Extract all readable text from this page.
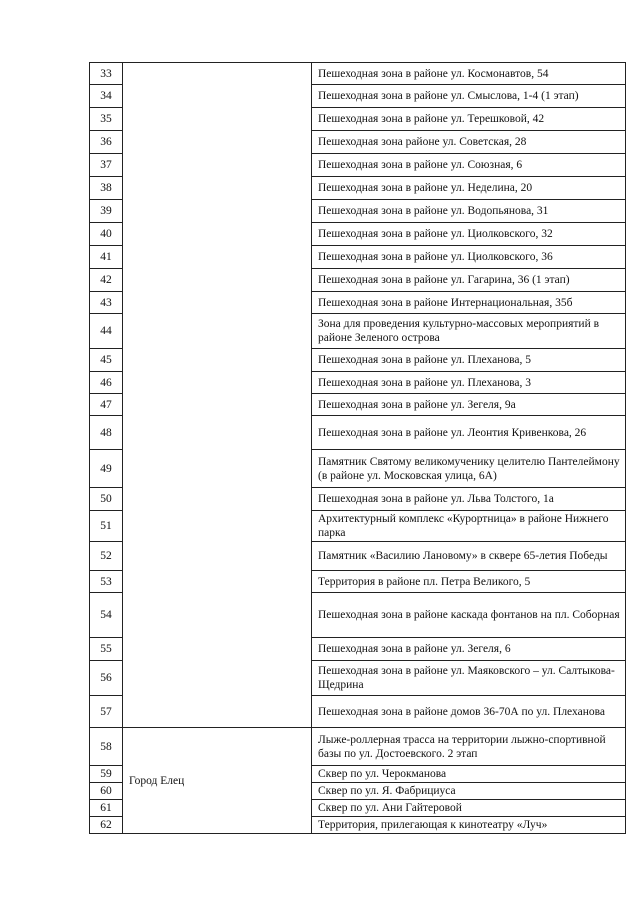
33		Пешеходная зона в районе ул. Космонавтов, 54
34		Пешеходная зона в районе ул. Смыслова, 1-4 (1 этап)
35		Пешеходная зона в районе ул. Терешковой, 42
36		Пешеходная зона районе ул. Советская, 28
37		Пешеходная зона в районе ул. Союзная, 6
38		Пешеходная зона в районе ул. Неделина, 20
39		Пешеходная зона в районе ул. Водопьянова, 31
40		Пешеходная зона в районе ул. Циолковского, 32
41		Пешеходная зона в районе ул. Циолковского, 36
42		Пешеходная зона в районе ул. Гагарина, 36 (1 этап)
43		Пешеходная зона в районе Интернациональная, 35б
44		Зона для проведения культурно-массовых мероприятий в районе Зеленого острова
45		Пешеходная зона в районе ул. Плеханова, 5
46		Пешеходная зона в районе ул. Плеханова, 3
47		Пешеходная зона в районе ул. Зегеля, 9а
48		Пешеходная зона в районе ул. Леонтия Кривенкова, 26
49		Памятник Святому великомученику целителю Пантелеймону (в районе ул. Московская улица, 6А)
50		Пешеходная зона в районе ул. Льва Толстого, 1а
51		Архитектурный комплекс «Курортница» в районе Нижнего парка
52		Памятник «Василию Лановому» в сквере 65-летия Победы
53		Территория в районе пл. Петра Великого, 5
54		Пешеходная зона в районе каскада фонтанов на пл. Соборная
55		Пешеходная зона в районе ул. Зегеля, 6
56		Пешеходная зона в районе ул. Маяковского – ул. Салтыкова-Щедрина
57		Пешеходная зона в районе домов 36-70А по ул. Плеханова
58	Город Елец	Лыже-роллерная трасса на территории лыжно-спортивной базы по ул. Достоевского. 2 этап
59		Сквер по ул. Черокманова
60		Сквер по ул. Я. Фабрициуса
61		Сквер по ул. Ани Гайтеровой
62		Территория, прилегающая к кинотеатру «Луч»
